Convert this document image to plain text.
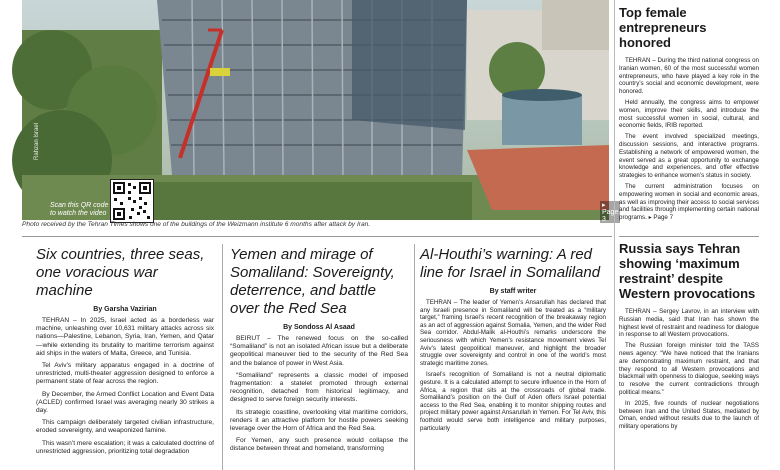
Rahzan Israel
Scan this QR code to watch the video
▸ Page 3
Photo received by the Tehran Times shows one of the buildings of the Weizmann institute 6 months after attack by Iran.
Six countries, three seas, one voracious war machine
By Garsha Vazirian

TEHRAN – In 2025, Israel acted as a borderless war machine, unleashing over 10,631 military attacks across six nations—Palestine, Lebanon, Syria, Iran, Yemen, and Qatar—while extending its brutality to maritime terrorism against aid ships in the waters of Malta, Greece, and Tunisia.

Tel Aviv’s military apparatus engaged in a doctrine of unrestricted, multi-theater aggression designed to enforce a permanent state of fear across the region.

By December, the Armed Conflict Location and Event Data (ACLED) confirmed Israel was averaging nearly 30 strikes a day.

This campaign deliberately targeted civilian infrastructure, eroded sovereignty, and weaponized famine.

This wasn’t mere escalation; it was a calculated doctrine of unrestricted aggression, prioritizing total degradation

Yemen and mirage of Somaliland: Sovereignty, deterrence, and battle over the Red Sea
By Sondoss Al Asaad

BEIRUT – The renewed focus on the so-called “Somaliland” is not an isolated African issue but a deliberate geopolitical maneuver tied to the security of the Red Sea and the balance of power in West Asia.

“Somaliland” represents a classic model of imposed fragmentation: a statelet promoted through external recognition, detached from historical legitimacy, and designed to serve foreign security interests.

Its strategic coastline, overlooking vital maritime corridors, renders it an attractive platform for hostile powers seeking leverage over the Horn of Africa and the Red Sea.

For Yemen, any such presence would collapse the distance between threat and homeland, transforming

Al-Houthi’s warning: A red line for Israel in Somaliland
By staff writer

TEHRAN – The leader of Yemen’s Ansarullah has declared that any Israeli presence in Somaliland will be treated as a “military target,” framing Israel’s recent recognition of the breakaway region as an act of aggression against Somalia, Yemen, and the wider Red Sea corridor. Abdul-Malik al-Houthi’s remarks underscore the seriousness with which Yemen’s resistance movement views Tel Aviv’s latest geopolitical maneuver, and highlight the broader struggle over sovereignty and control in one of the world’s most strategic maritime zones.

Israel’s recognition of Somaliland is not a neutral diplomatic gesture. It is a calculated attempt to secure influence in the Horn of Africa, a region that sits at the crossroads of global trade. Somaliland’s position on the Gulf of Aden offers Israel potential access to the Red Sea, enabling it to monitor shipping routes and project military power against Ansarullah in Yemen. For Tel Aviv, this foothold would serve both intelligence and military purposes, particularly

Top female entrepreneurs honored

TEHRAN – During the third national congress on Iranian women, 60 of the most successful women entrepreneurs, who have played a key role in the country’s social and economic development, were honored.

Held annually, the congress aims to empower women, improve their skills, and introduce the most successful women in social, cultural, and economic fields, IRIB reported.

The event involved specialized meetings, discussion sessions, and interactive programs. Establishing a network of empowered women, the event served as a great opportunity to exchange knowledge and experiences, and offer effective strategies to enhance women’s status in society.

The current administration focuses on empowering women in social and economic areas, as well as improving their access to social services and facilities through implementing certain national programs. ▸ Page 7

Russia says Tehran showing ‘maximum restraint’ despite Western provocations

TEHRAN – Sergey Lavrov, in an interview with Russian media, said that Iran has shown the highest level of restraint and readiness for dialogue in response to all Western provocations.

The Russian foreign minister told the TASS news agency: “We have noticed that the Iranians are demonstrating maximum restraint, and that they respond to all Western provocations and blackmail with openness to dialogue, seeking ways to resolve the current contradictions through political means.”

In 2025, five rounds of nuclear negotiations between Iran and the United States, mediated by Oman, ended without results due to the launch of military operations by
